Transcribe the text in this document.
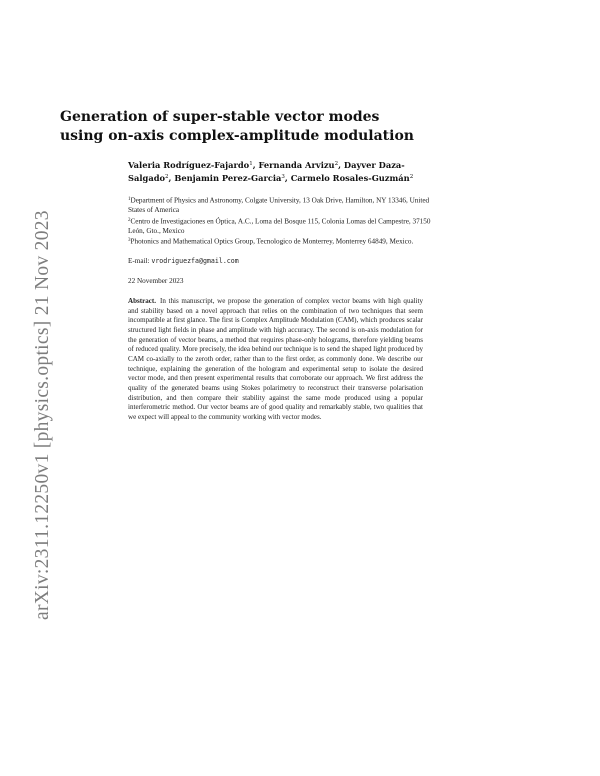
arXiv:2311.12250v1 [physics.optics] 21 Nov 2023
Generation of super-stable vector modes using on-axis complex-amplitude modulation
Valeria Rodríguez-Fajardo$^1$, Fernanda Arvizu$^2$, Dayver Daza-Salgado$^2$, Benjamin Perez-Garcia$^3$, Carmelo Rosales-Guzmán$^2$
$^1$Department of Physics and Astronomy, Colgate University, 13 Oak Drive, Hamilton, NY 13346, United States of America
$^2$Centro de Investigaciones en Óptica, A.C., Loma del Bosque 115, Colonia Lomas del Campestre, 37150 León, Gto., Mexico
$^3$Photonics and Mathematical Optics Group, Tecnologico de Monterrey, Monterrey 64849, Mexico.
E-mail: vrodriguezfa@gmail.com
22 November 2023
Abstract. In this manuscript, we propose the generation of complex vector beams with high quality and stability based on a novel approach that relies on the combination of two techniques that seem incompatible at first glance. The first is Complex Amplitude Modulation (CAM), which produces scalar structured light fields in phase and amplitude with high accuracy. The second is on-axis modulation for the generation of vector beams, a method that requires phase-only holograms, therefore yielding beams of reduced quality. More precisely, the idea behind our technique is to send the shaped light produced by CAM co-axially to the zeroth order, rather than to the first order, as commonly done. We describe our technique, explaining the generation of the hologram and experimental setup to isolate the desired vector mode, and then present experimental results that corroborate our approach. We first address the quality of the generated beams using Stokes polarimetry to reconstruct their transverse polarisation distribution, and then compare their stability against the same mode produced using a popular interferometric method. Our vector beams are of good quality and remarkably stable, two qualities that we expect will appeal to the community working with vector modes.
